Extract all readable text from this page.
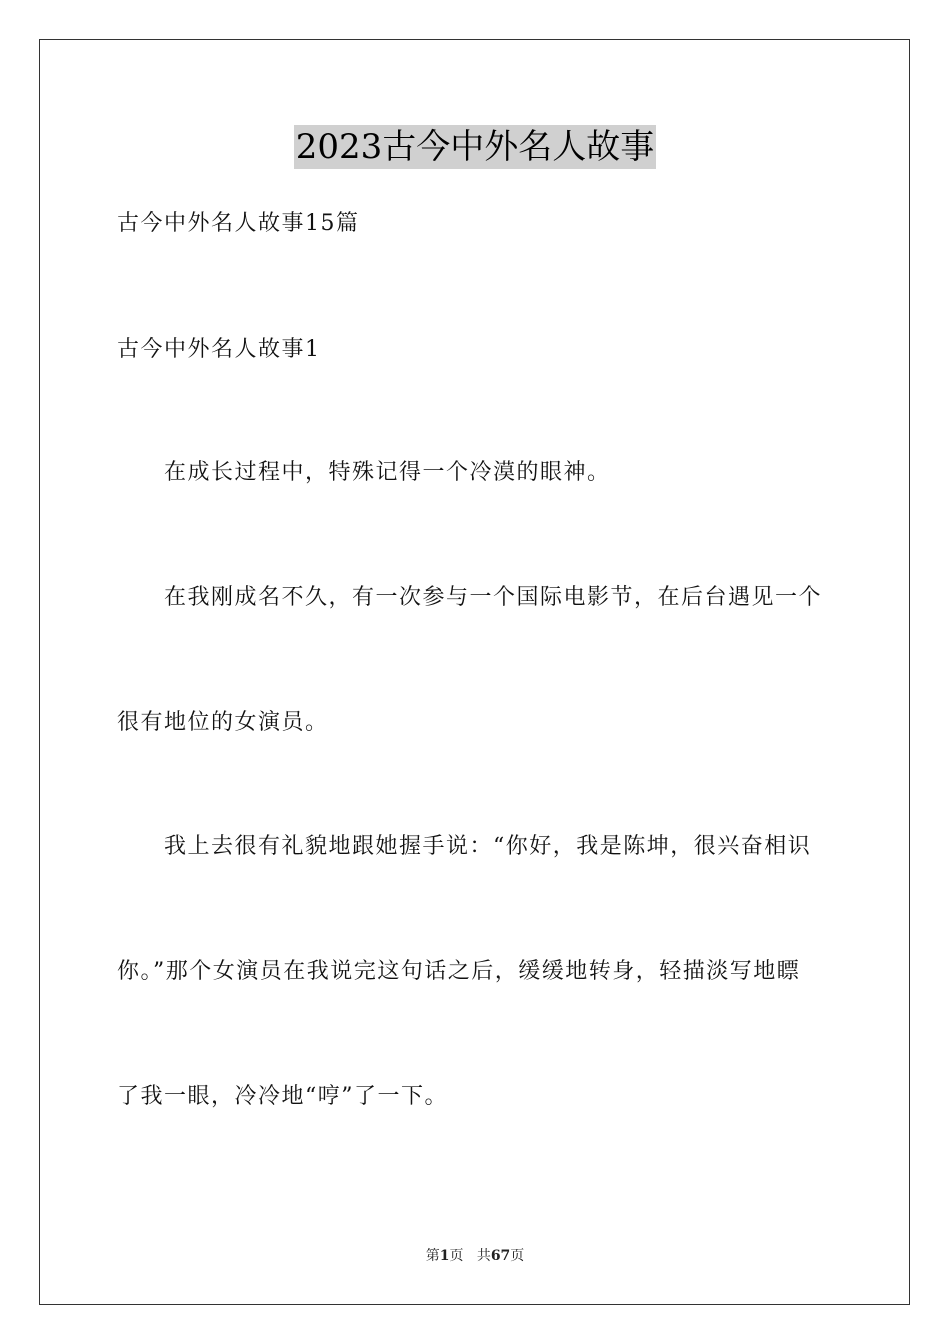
2023古今中外名人故事
古今中外名人故事15篇
古今中外名人故事1
在成长过程中，特殊记得一个冷漠的眼神。
在我刚成名不久，有一次参与一个国际电影节，在后台遇见一个
很有地位的女演员。
我上去很有礼貌地跟她握手说：“你好，我是陈坤，很兴奋相识
你。”那个女演员在我说完这句话之后，缓缓地转身，轻描淡写地瞟
了我一眼，冷冷地“哼”了一下。
第1页 共67页
